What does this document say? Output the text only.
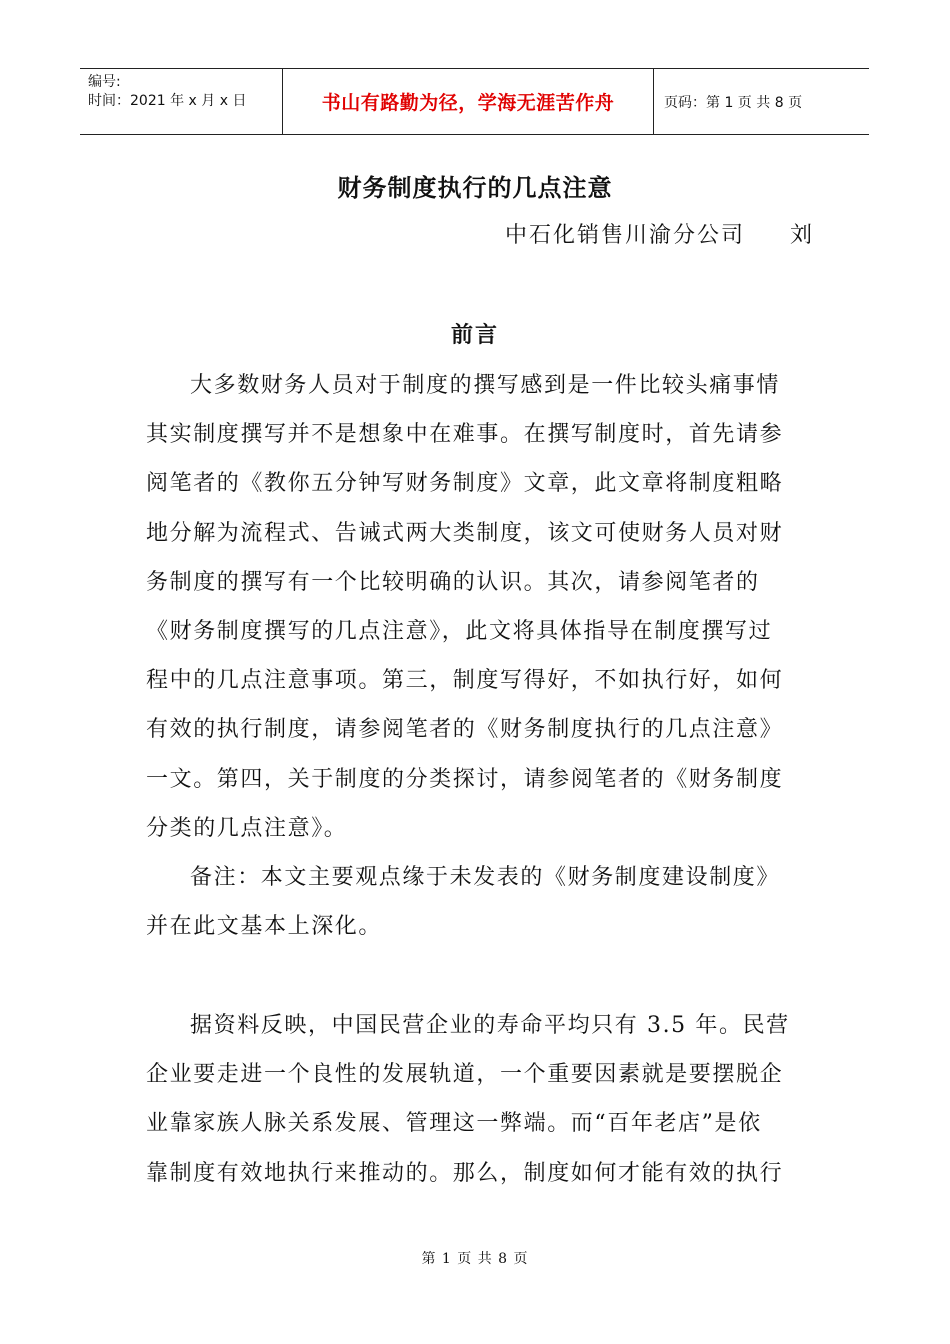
编号:
时间：2021 年 x 月 x 日	书山有路勤为径，学海无涯苦作舟	页码：第 1 页 共 8 页
财务制度执行的几点注意
中石化销售川渝分公司     刘
前言
大多数财务人员对于制度的撰写感到是一件比较头痛事情
其实制度撰写并不是想象中在难事。在撰写制度时，首先请参
阅笔者的《教你五分钟写财务制度》文章，此文章将制度粗略
地分解为流程式、告诫式两大类制度，该文可使财务人员对财
务制度的撰写有一个比较明确的认识。其次，请参阅笔者的
《财务制度撰写的几点注意》，此文将具体指导在制度撰写过
程中的几点注意事项。第三，制度写得好，不如执行好，如何
有效的执行制度，请参阅笔者的《财务制度执行的几点注意》
一文。第四，关于制度的分类探讨，请参阅笔者的《财务制度
分类的几点注意》。
备注：本文主要观点缘于未发表的《财务制度建设制度》
并在此文基本上深化。
据资料反映，中国民营企业的寿命平均只有 3.5 年。民营
企业要走进一个良性的发展轨道，一个重要因素就是要摆脱企
业靠家族人脉关系发展、管理这一弊端。而“百年老店”是依
靠制度有效地执行来推动的。那么，制度如何才能有效的执行
第 1 页 共 8 页
